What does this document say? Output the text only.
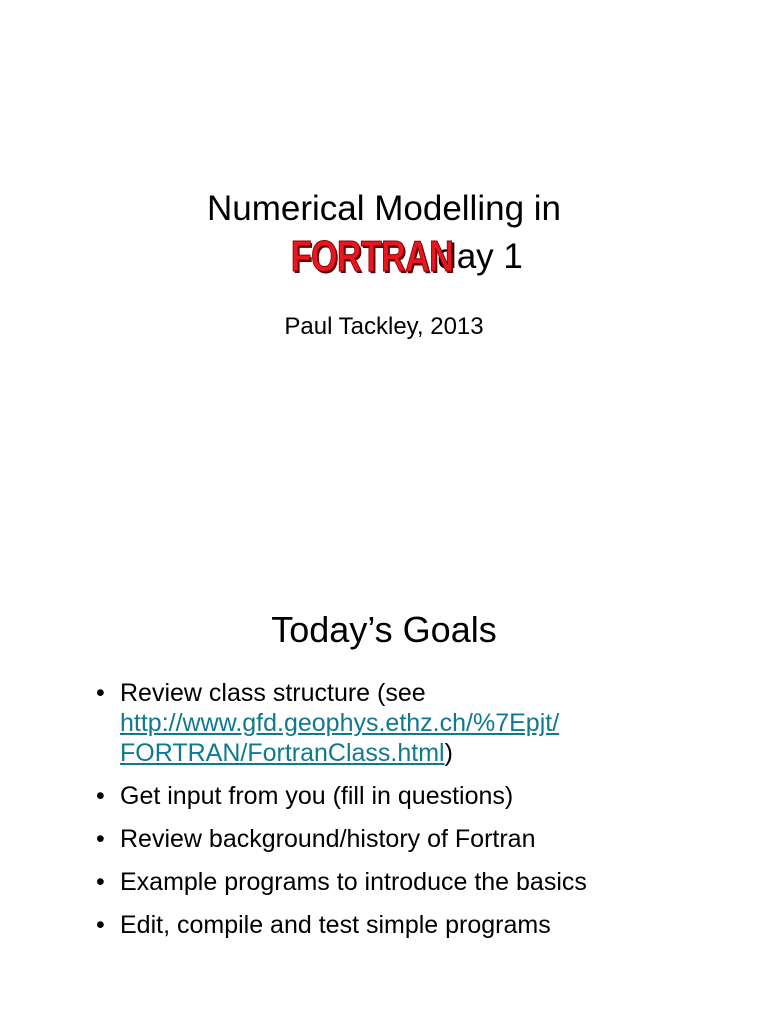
Numerical Modelling in
FORTRANday 1
Paul Tackley, 2013
Today’s Goals
• Review class structure (see
http://www.gfd.geophys.ethz.ch/%7Epjt/
FORTRAN/FortranClass.html)
• Get input from you (fill in questions)
• Review background/history of Fortran
• Example programs to introduce the basics
• Edit, compile and test simple programs
